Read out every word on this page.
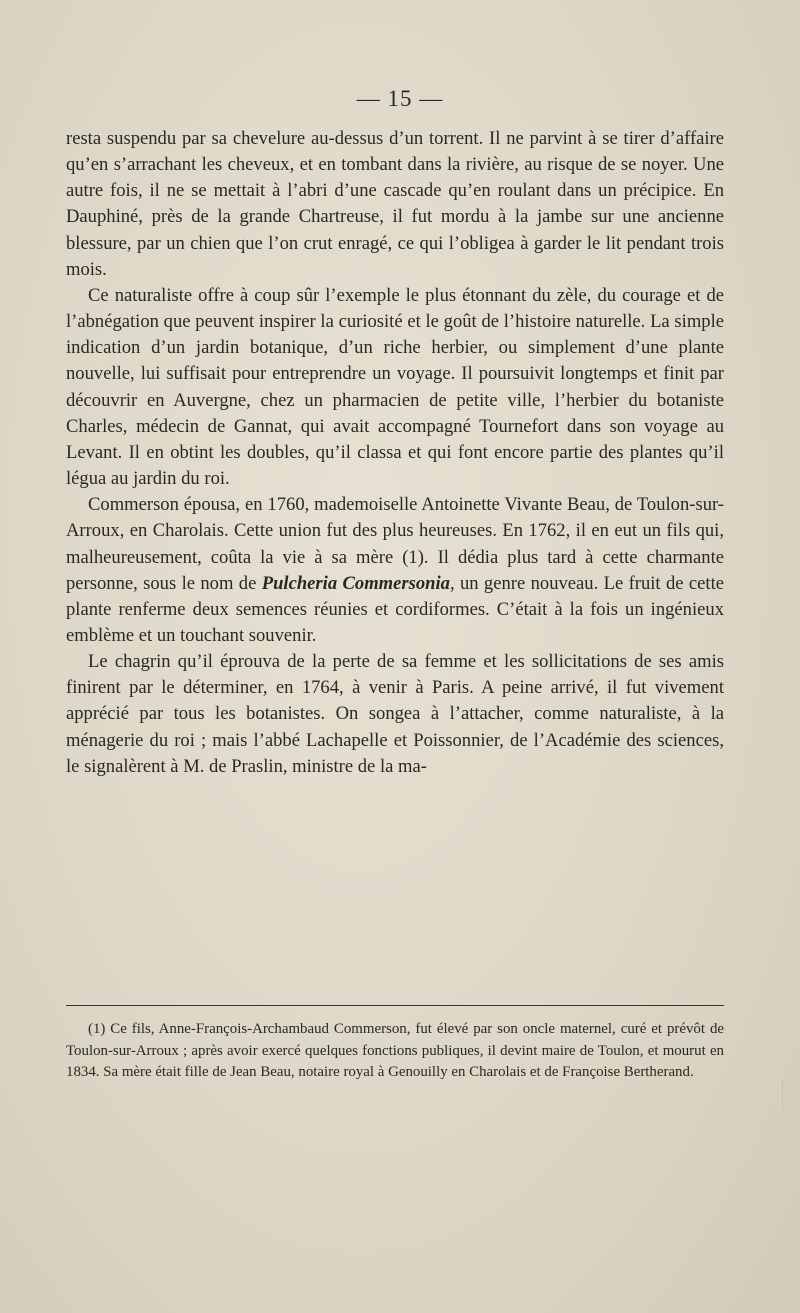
— 15 —

resta suspendu par sa chevelure au-dessus d’un torrent. Il ne parvint à se tirer d’affaire qu’en s’arrachant les cheveux, et en tombant dans la rivière, au risque de se noyer. Une autre fois, il ne se mettait à l’abri d’une cascade qu’en roulant dans un précipice. En Dauphiné, près de la grande Chartreuse, il fut mordu à la jambe sur une ancienne blessure, par un chien que l’on crut enragé, ce qui l’obligea à garder le lit pendant trois mois.

Ce naturaliste offre à coup sûr l’exemple le plus étonnant du zèle, du courage et de l’abnégation que peuvent inspirer la curiosité et le goût de l’histoire naturelle. La simple indication d’un jardin botanique, d’un riche herbier, ou simplement d’une plante nouvelle, lui suffisait pour entreprendre un voyage. Il poursuivit longtemps et finit par découvrir en Auvergne, chez un pharmacien de petite ville, l’herbier du botaniste Charles, médecin de Gannat, qui avait accompagné Tournefort dans son voyage au Levant. Il en obtint les doubles, qu’il classa et qui font encore partie des plantes qu’il légua au jardin du roi.

Commerson épousa, en 1760, mademoiselle Antoinette Vivante Beau, de Toulon-sur-Arroux, en Charolais. Cette union fut des plus heureuses. En 1762, il en eut un fils qui, malheureusement, coûta la vie à sa mère (1). Il dédia plus tard à cette charmante personne, sous le nom de Pulcheria Commersonia, un genre nouveau. Le fruit de cette plante renferme deux semences réunies et cordiformes. C’était à la fois un ingénieux emblème et un touchant souvenir.

Le chagrin qu’il éprouva de la perte de sa femme et les sollicitations de ses amis finirent par le déterminer, en 1764, à venir à Paris. A peine arrivé, il fut vivement apprécié par tous les botanistes. On songea à l’attacher, comme naturaliste, à la ménagerie du roi ; mais l’abbé Lachapelle et Poissonnier, de l’Académie des sciences, le signalèrent à M. de Praslin, ministre de la ma-

(1) Ce fils, Anne-François-Archambaud Commerson, fut élevé par son oncle maternel, curé et prévôt de Toulon-sur-Arroux ; après avoir exercé quelques fonctions publiques, il devint maire de Toulon, et mourut en 1834. Sa mère était fille de Jean Beau, notaire royal à Genouilly en Charolais et de Françoise Bertherand.
